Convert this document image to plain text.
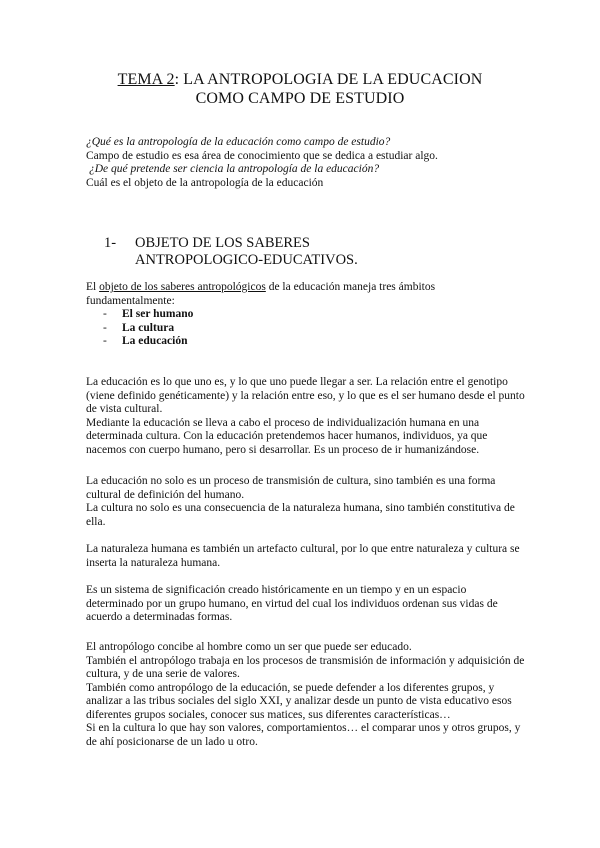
TEMA 2: LA ANTROPOLOGIA DE LA EDUCACION
COMO CAMPO DE ESTUDIO
¿Qué es la antropología de la educación como campo de estudio?
Campo de estudio es esa área de conocimiento que se dedica a estudiar algo.
¿De qué pretende ser ciencia la antropología de la educación?
Cuál es el objeto de la antropología de la educación
1-	OBJETO DE LOS SABERES ANTROPOLOGICO-EDUCATIVOS.

El objeto de los saberes antropológicos de la educación maneja tres ámbitos fundamentalmente:

-	El ser humano
-	La cultura
-	La educación

La educación es lo que uno es, y lo que uno puede llegar a ser. La relación entre el genotipo (viene definido genéticamente) y la relación entre eso, y lo que es el ser humano desde el punto de vista cultural.

Mediante la educación se lleva a cabo el proceso de individualización humana en una determinada cultura. Con la educación pretendemos hacer humanos, individuos, ya que nacemos con cuerpo humano, pero si desarrollar. Es un proceso de ir humanizándose.

La educación no solo es un proceso de transmisión de cultura, sino también es una forma cultural de definición del humano.

La cultura no solo es una consecuencia de la naturaleza humana, sino también constitutiva de ella.

La naturaleza humana es también un artefacto cultural, por lo que entre naturaleza y cultura se inserta la naturaleza humana.

Es un sistema de significación creado históricamente en un tiempo y en un espacio determinado por un grupo humano, en virtud del cual los individuos ordenan sus vidas de acuerdo a determinadas formas.

El antropólogo concibe al hombre como un ser que puede ser educado.

También el antropólogo trabaja en los procesos de transmisión de información y adquisición de cultura, y de una serie de valores.

También como antropólogo de la educación, se puede defender a los diferentes grupos, y analizar a las tribus sociales del siglo XXI, y analizar desde un punto de vista educativo esos diferentes grupos sociales, conocer sus matices, sus diferentes características…

Si en la cultura lo que hay son valores, comportamientos… el comparar unos y otros grupos, y de ahí posicionarse de un lado u otro.
